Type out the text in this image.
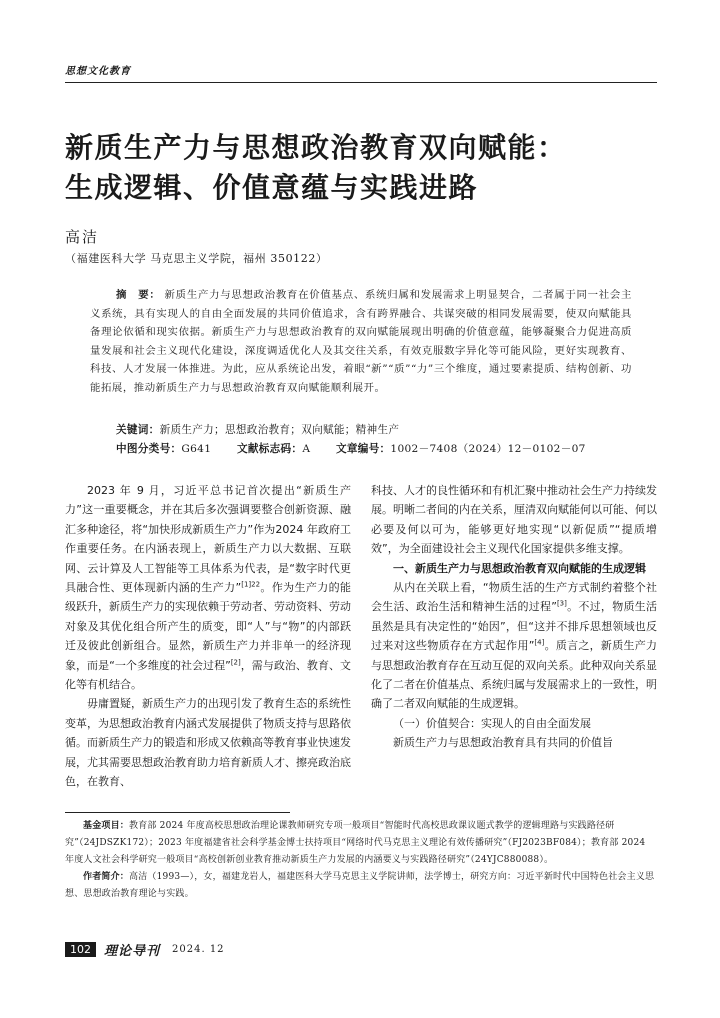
思想文化教育
新质生产力与思想政治教育双向赋能：
生成逻辑、价值意蕴与实践进路
高洁
（福建医科大学 马克思主义学院，福州 350122）
摘　要： 新质生产力与思想政治教育在价值基点、系统归属和发展需求上明显契合，二者属于同一社会主义系统，具有实现人的自由全面发展的共同价值追求，含有跨界融合、共谋突破的相同发展需要，使双向赋能具备理论依循和现实依据。新质生产力与思想政治教育的双向赋能展现出明确的价值意蕴，能够凝聚合力促进高质量发展和社会主义现代化建设，深度调适优化人及其交往关系，有效克服数字异化等可能风险，更好实现教育、科技、人才发展一体推进。为此，应从系统论出发，着眼“新”“质”“力”三个维度，通过要素提质、结构创新、功能拓展，推动新质生产力与思想政治教育双向赋能顺利展开。
关键词：新质生产力；思想政治教育；双向赋能；精神生产
中图分类号：G641 文献标志码：A 文章编号：1002－7408（2024）12－0102－07

2023 年 9 月，习近平总书记首次提出“新质生产力”这一重要概念，并在其后多次强调要整合创新资源、融汇多种途径，将“加快形成新质生产力”作为2024 年政府工作重要任务。在内涵表现上，新质生产力以大数据、互联网、云计算及人工智能等工具体系为代表，是“数字时代更具融合性、更体现新内涵的生产力”$^{[1]22}$。作为生产力的能级跃升，新质生产力的实现依赖于劳动者、劳动资料、劳动对象及其优化组合所产生的质变，即“人”与“物”的内部跃迁及彼此创新组合。显然，新质生产力并非单一的经济现象，而是“一个多维度的社会过程”[2]，需与政治、教育、文化等有机结合。

毋庸置疑，新质生产力的出现引发了教育生态的系统性变革，为思想政治教育内涵式发展提供了物质支持与思路依循。而新质生产力的锻造和形成又依赖高等教育事业快速发展，尤其需要思想政治教育助力培育新质人才、擦亮政治底色，在教育、

科技、人才的良性循环和有机汇聚中推动社会生产力持续发展。明晰二者间的内在关系，厘清双向赋能何以可能、何以必要及何以可为，能够更好地实现“以新促质”“提质增效”，为全面建设社会主义现代化国家提供多维支撑。

一、新质生产力与思想政治教育双向赋能的生成逻辑

从内在关联上看，“物质生活的生产方式制约着整个社会生活、政治生活和精神生活的过程”[3]。不过，物质生活虽然是具有决定性的“始因”，但“这并不排斥思想领域也反过来对这些物质存在方式起作用”[4]。质言之，新质生产力与思想政治教育存在互动互促的双向关系。此种双向关系显化了二者在价值基点、系统归属与发展需求上的一致性，明确了二者双向赋能的生成逻辑。

（一）价值契合：实现人的自由全面发展

新质生产力与思想政治教育具有共同的价值旨

基金项目：教育部 2024 年度高校思想政治理论课教师研究专项一般项目“智能时代高校思政课议题式教学的逻辑理路与实践路径研究”（24JDSZK172）；2023 年度福建省社会科学基金博士扶持项目“网络时代马克思主义理论有效传播研究”（FJ2023BF084）；教育部 2024 年度人文社会科学研究一般项目“高校创新创业教育推动新质生产力发展的内涵要义与实践路径研究”（24YJC880088）。

作者简介：高洁（1993—），女，福建龙岩人，福建医科大学马克思主义学院讲师，法学博士，研究方向：习近平新时代中国特色社会主义思想、思想政治教育理论与实践。

102	理论导刊 2024. 12
